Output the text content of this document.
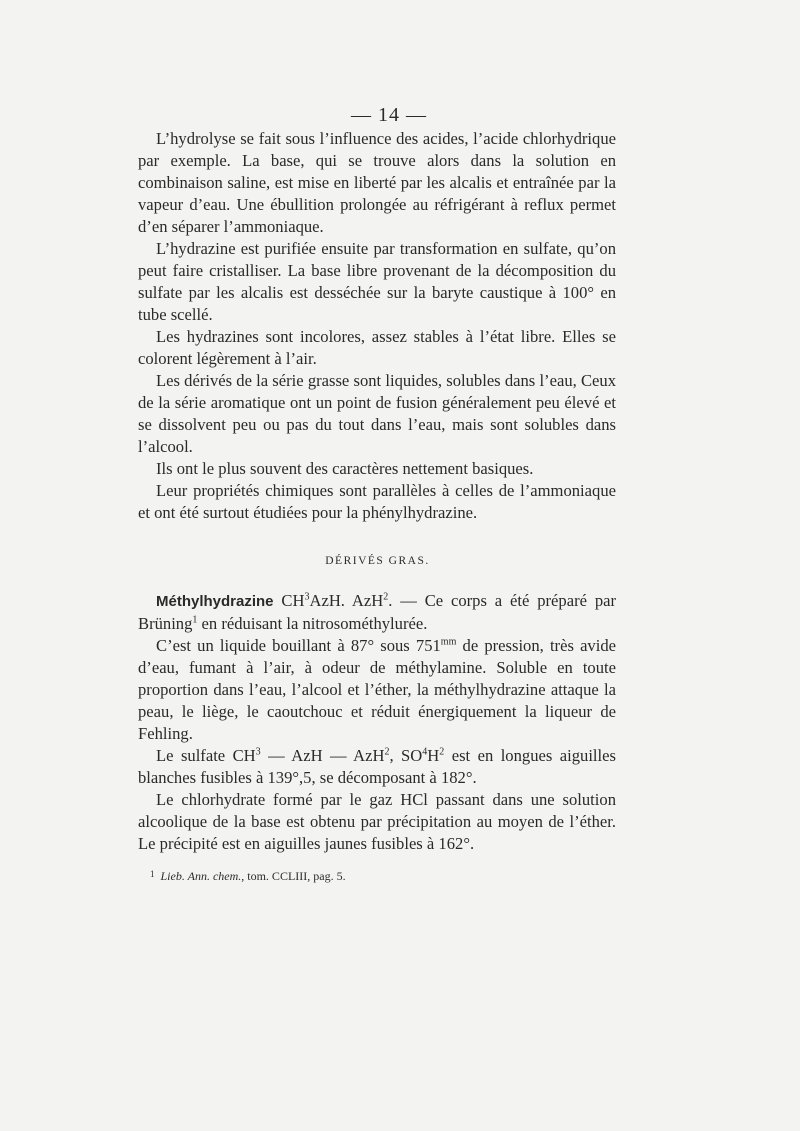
— 14 —

L’hydrolyse se fait sous l’influence des acides, l’acide chlorhydrique par exemple. La base, qui se trouve alors dans la solution en combinaison saline, est mise en liberté par les alcalis et entraînée par la vapeur d’eau. Une ébullition prolongée au réfrigérant à reflux permet d’en séparer l’ammoniaque.

L’hydrazine est purifiée ensuite par transformation en sulfate, qu’on peut faire cristalliser. La base libre provenant de la décomposition du sulfate par les alcalis est desséchée sur la baryte caustique à 100° en tube scellé.

Les hydrazines sont incolores, assez stables à l’état libre. Elles se colorent légèrement à l’air.

Les dérivés de la série grasse sont liquides, solubles dans l’eau, Ceux de la série aromatique ont un point de fusion généralement peu élevé et se dissolvent peu ou pas du tout dans l’eau, mais sont solubles dans l’alcool.

Ils ont le plus souvent des caractères nettement basiques.

Leur propriétés chimiques sont parallèles à celles de l’ammoniaque et ont été surtout étudiées pour la phénylhydrazine.

DÉRIVÉS GRAS.

Méthylhydrazine $CH^3AzH$. AzH$^2$. — Ce corps a été préparé par Brüning$^1$ en réduisant la nitrosométhylurée.

C’est un liquide bouillant à 87° sous $751^{mm}$ de pression, très avide d’eau, fumant à l’air, à odeur de méthylamine. Soluble en toute proportion dans l’eau, l’alcool et l’éther, la méthylhydrazine attaque la peau, le liège, le caoutchouc et réduit énergiquement la liqueur de Fehling.

Le sulfate $CH^3$ — AzH — AzH$^2$, $SO^4H^2$ est en longues aiguilles blanches fusibles à 139°,5, se décomposant à 182°.

Le chlorhydrate formé par le gaz HCl passant dans une solution alcoolique de la base est obtenu par précipitation au moyen de l’éther. Le précipité est en aiguilles jaunes fusibles à 162°.

$^1$ Lieb. Ann. chem., tom. CCLIII, pag. 5.
